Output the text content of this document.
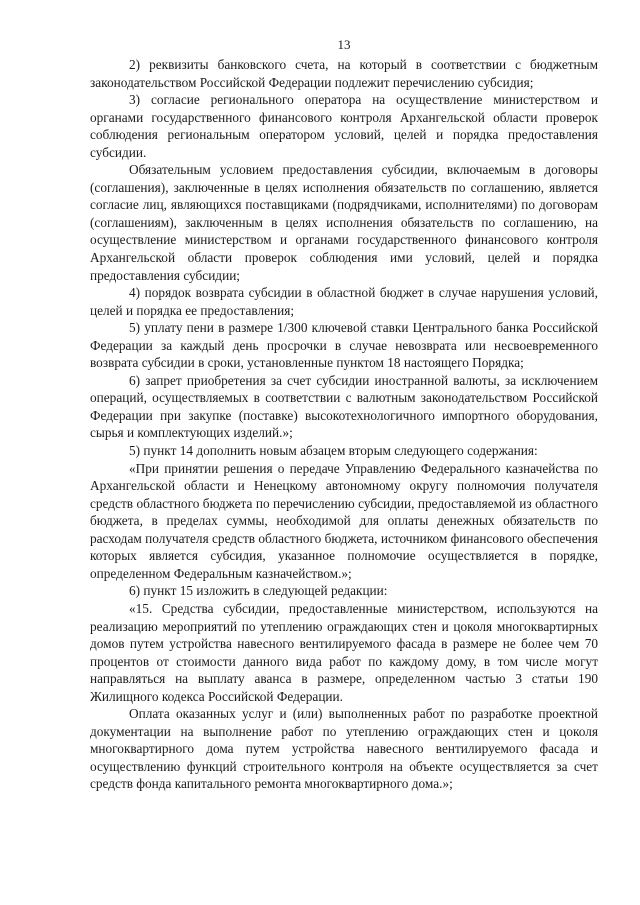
13

2) реквизиты банковского счета, на который в соответствии с бюджетным законодательством Российской Федерации подлежит перечислению субсидия;

3) согласие регионального оператора на осуществление министерством и органами государственного финансового контроля Архангельской области проверок соблюдения региональным оператором условий, целей и порядка предоставления субсидии.

Обязательным условием предоставления субсидии, включаемым в договоры (соглашения), заключенные в целях исполнения обязательств по соглашению, является согласие лиц, являющихся поставщиками (подрядчиками, исполнителями) по договорам (соглашениям), заключенным в целях исполнения обязательств по соглашению, на осуществление министерством и органами государственного финансового контроля Архангельской области проверок соблюдения ими условий, целей и порядка предоставления субсидии;

4) порядок возврата субсидии в областной бюджет в случае нарушения условий, целей и порядка ее предоставления;

5) уплату пени в размере 1/300 ключевой ставки Центрального банка Российской Федерации за каждый день просрочки в случае невозврата или несвоевременного возврата субсидии в сроки, установленные пунктом 18 настоящего Порядка;

6) запрет приобретения за счет субсидии иностранной валюты, за исключением операций, осуществляемых в соответствии с валютным законодательством Российской Федерации при закупке (поставке) высокотехнологичного импортного оборудования, сырья и комплектующих изделий.»;

5) пункт 14 дополнить новым абзацем вторым следующего содержания:

«При принятии решения о передаче Управлению Федерального казначейства по Архангельской области и Ненецкому автономному округу полномочия получателя средств областного бюджета по перечислению субсидии, предоставляемой из областного бюджета, в пределах суммы, необходимой для оплаты денежных обязательств по расходам получателя средств областного бюджета, источником финансового обеспечения которых является субсидия, указанное полномочие осуществляется в порядке, определенном Федеральным казначейством.»;

6) пункт 15 изложить в следующей редакции:

«15. Средства субсидии, предоставленные министерством, используются на реализацию мероприятий по утеплению ограждающих стен и цоколя многоквартирных домов путем устройства навесного вентилируемого фасада в размере не более чем 70 процентов от стоимости данного вида работ по каждому дому, в том числе могут направляться на выплату аванса в размере, определенном частью 3 статьи 190 Жилищного кодекса Российской Федерации.

Оплата оказанных услуг и (или) выполненных работ по разработке проектной документации на выполнение работ по утеплению ограждающих стен и цоколя многоквартирного дома путем устройства навесного вентилируемого фасада и осуществлению функций строительного контроля на объекте осуществляется за счет средств фонда капитального ремонта многоквартирного дома.»;
